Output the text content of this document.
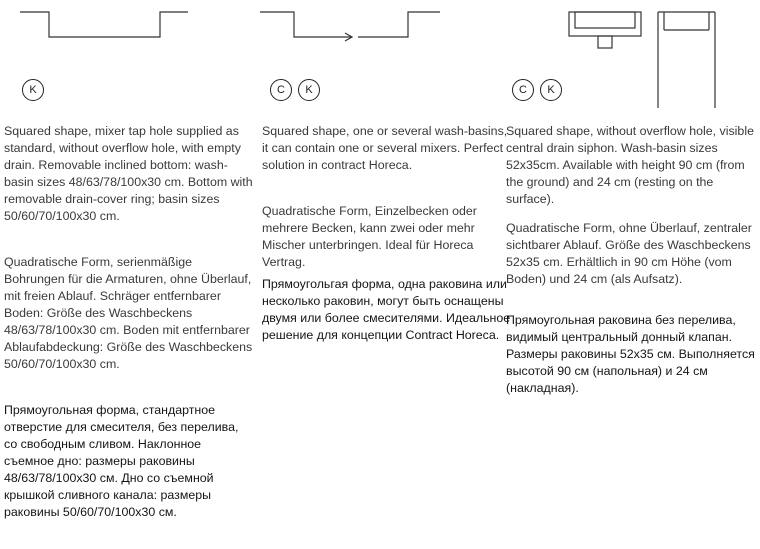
K

Squared shape, mixer tap hole supplied as standard, without overflow hole, with empty drain. Removable inclined bottom: wash-basin sizes 48/63/78/100x30 cm. Bottom with removable drain-cover ring; basin sizes 50/60/70/100x30 cm.

Quadratische Form, serienmäßige Bohrungen für die Armaturen, ohne Überlauf, mit freien Ablauf. Schräger entfernbarer Boden: Größe des Waschbeckens 48/63/78/100x30 cm. Boden mit entfernbarer Ablaufabdeckung: Größe des Waschbeckens 50/60/70/100x30 cm.

Прямоугольная форма, стандартное отверстие для смесителя, без перелива, со свободным сливом. Наклонное съемное дно: размеры раковины 48/63/78/100x30 см. Дно со съемной крышкой сливного канала: размеры раковины 50/60/70/100x30 см.

C	K

Squared shape, one or several wash-basins, it can contain one or several mixers. Perfect solution in contract Horeca.

Quadratische Form, Einzelbecken oder mehrere Becken, kann zwei oder mehr Mischer unterbringen. Ideal für Horeca Vertrag.

Прямоугольгая форма, одна раковина или несколько раковин, могут быть оснащены двумя или более смесителями. Идеальное решение для концепции Contract Horeca.

C	K

Squared shape, without overflow hole, visible central drain siphon. Wash-basin sizes 52x35cm. Available with height 90 cm (from the ground) and 24 cm (resting on the surface).

Quadratische Form, ohne Überlauf, zentraler sichtbarer Ablauf. Größe des Waschbeckens 52x35 cm. Erhältlich in 90 cm Höhe (vom Boden) und 24 cm (als Aufsatz).

Прямоугольная раковина без перелива, видимый центральный донный клапан. Размеры раковины 52x35 см. Выполняется высотой 90 см (напольная) и 24 см (накладная).
